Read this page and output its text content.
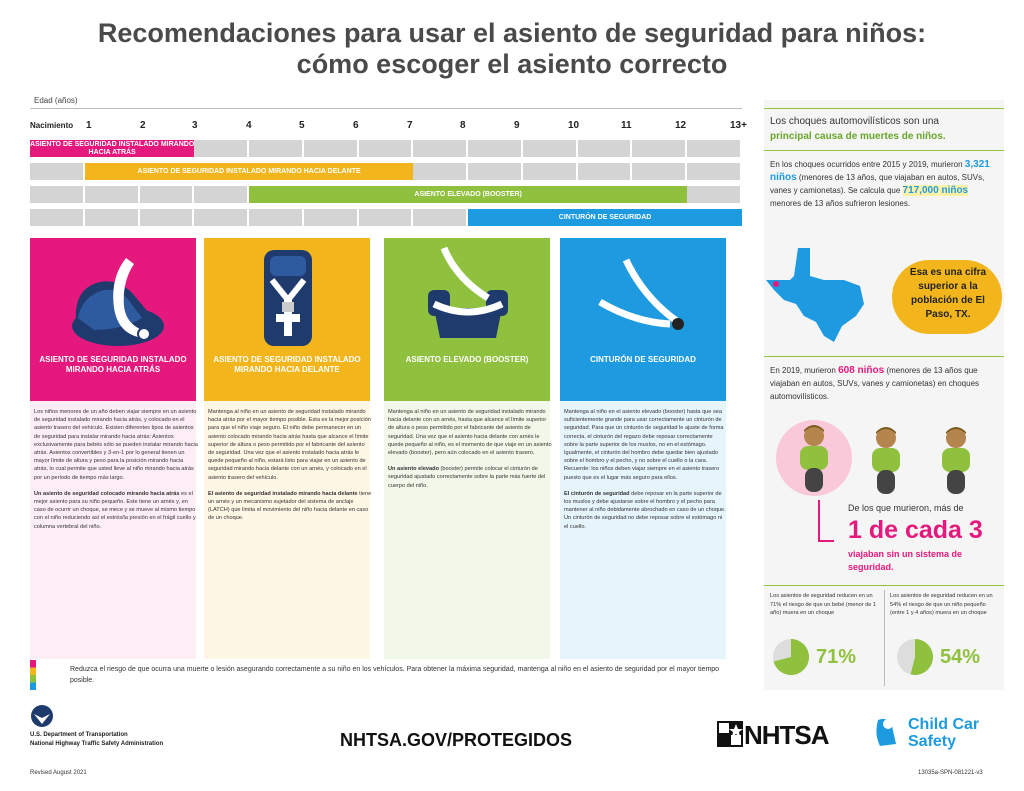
Recomendaciones para usar el asiento de seguridad para niños:
cómo escoger el asiento correcto
Edad (años)
Nacimiento 1	2	3	4	5	6	7	8	9	10	11	12	13+
ASIENTO DE SEGURIDAD INSTALADO MIRANDO HACIA ATRÁS
ASIENTO DE SEGURIDAD INSTALADO MIRANDO HACIA DELANTE
ASIENTO ELEVADO (BOOSTER)
CINTURÓN DE SEGURIDAD
ASIENTO DE SEGURIDAD INSTALADO MIRANDO HACIA ATRÁS
ASIENTO DE SEGURIDAD INSTALADO MIRANDO HACIA DELANTE
ASIENTO ELEVADO (BOOSTER)	CINTURÓN DE SEGURIDAD

Los niños menores de un año deben viajar siempre en un asiento de seguridad instalado mirando hacia atrás, y colocado en el asiento trasero del vehículo. Existen diferentes tipos de asientos de seguridad para instalar mirando hacia atrás: Asientos exclusivamente para bebés sólo se pueden instalar mirando hacia atrás. Asientos convertibles y 3-en-1 por lo general tienen un mayor límite de altura y peso para la posición mirando hacia atrás, lo cual permite que usted lleve al niño mirando hacia atrás por un período de tiempo más largo.

Un asiento de seguridad colocado mirando hacia atrás es el mejor asiento para su niño pequeño. Este tiene un arnés y, en caso de ocurrir un choque, se mece y se mueve al mismo tiempo con el niño reduciendo así el estrés/la presión en el frágil cuello y columna vertebral del niño.

Mantenga al niño en un asiento de seguridad instalado mirando hacia atrás por el mayor tiempo posible. Esta es la mejor posición para que el niño viaje seguro. El niño debe permanecer en un asiento colocado mirando hacia atrás hasta que alcance el límite superior de altura o peso permitido por el fabricante del asiento de seguridad. Una vez que el asiento instalado hacia atrás le quede pequeño al niño, estará listo para viajar en un asiento de seguridad mirando hacia delante con un arnés, y colocado en el asiento trasero del vehículo.

El asiento de seguridad instalado mirando hacia delante tiene un arnés y un mecanismo sujetador del sistema de anclaje (LATCH) que limita el movimiento del niño hacia delante en caso de un choque.

Mantenga al niño en un asiento de seguridad instalado mirando hacia delante con un arnés, hasta que alcance el límite superior de altura o peso permitido por el fabricante del asiento de seguridad. Una vez que el asiento hacia delante con arnés le quede pequeño al niño, es el momento de que viaje en un asiento elevado (booster), pero aún colocado en el asiento trasero.

Un asiento elevado (booster) permite colocar el cinturón de seguridad ajustado correctamente sobre la parte más fuerte del cuerpo del niño.

Mantenga al niño en el asiento elevado (booster) hasta que sea suficientemente grande para usar correctamente un cinturón de seguridad. Para que un cinturón de seguridad le ajuste de forma correcta, el cinturón del regazo debe reposar correctamente sobre la parte superior de los muslos, no en el estómago. Igualmente, el cinturón del hombro debe quedar bien ajustado sobre el hombro y el pecho, y no sobre el cuello o la cara. Recuerde: los niños deben viajar siempre en el asiento trasero puesto que es el lugar más seguro para ellos.

El cinturón de seguridad debe reposar en la parte superior de los muslos y debe ajustarse sobre el hombro y el pecho para mantener al niño debidamente abrochado en caso de un choque. Un cinturón de seguridad no debe reposar sobre el estómago ni el cuello.

Reduzca el riesgo de que ocurra una muerte o lesión asegurando correctamente a su niño en los vehículos. Para obtener la máxima seguridad, mantenga al niño en el asiento de seguridad por el mayor tiempo posible.
Los choques automovilísticos son una
principal causa de muertes de niños.
En los choques ocurridos entre 2015 y 2019, murieron 3,321 niños (menores de 13 años, que viajaban en autos, SUVs, vanes y camionetas). Se calcula que 717,000 niños menores de 13 años sufrieron lesiones.
Esa es una cifra superior a la población de El Paso, TX.
En 2019, murieron 608 niños (menores de 13 años que viajaban en autos, SUVs, vanes y camionetas) en choques automovilísticos.
De los que murieron, más de
1 de cada 3
viajaban sin un sistema de seguridad.
Los asientos de seguridad reducen en un 71% el riesgo de que un bebé (menor de 1 año) muera en un choque
Los asientos de seguridad reducen en un 54% el riesgo de que un niño pequeño (entre 1 y 4 años) muera en un choque
71%	54%
U.S. Department of Transportation
National Highway Traffic Safety Administration	NHTSA.GOV/PROTEGIDOS	NHTSA	Child Car
Safety
Revised August 2021	13035a-SPN-081221-v3
